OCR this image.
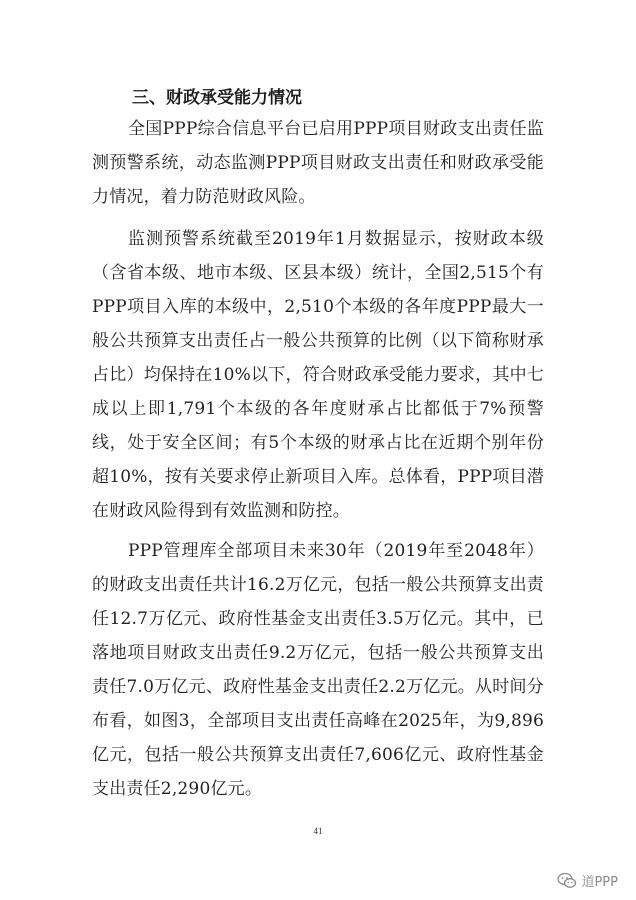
三、财政承受能力情况

全国PPP综合信息平台已启用PPP项目财政支出责任监测预警系统，动态监测PPP项目财政支出责任和财政承受能力情况，着力防范财政风险。

监测预警系统截至2019年1月数据显示，按财政本级（含省本级、地市本级、区县本级）统计，全国2,515个有PPP项目入库的本级中，2,510个本级的各年度PPP最大一般公共预算支出责任占一般公共预算的比例（以下简称财承占比）均保持在10%以下，符合财政承受能力要求，其中七成以上即1,791个本级的各年度财承占比都低于7%预警线，处于安全区间；有5个本级的财承占比在近期个别年份超10%，按有关要求停止新项目入库。总体看，PPP项目潜在财政风险得到有效监测和防控。

PPP管理库全部项目未来30年（2019年至2048年）的财政支出责任共计16.2万亿元，包括一般公共预算支出责任12.7万亿元、政府性基金支出责任3.5万亿元。其中，已落地项目财政支出责任9.2万亿元，包括一般公共预算支出责任7.0万亿元、政府性基金支出责任2.2万亿元。从时间分布看，如图3，全部项目支出责任高峰在2025年，为9,896亿元，包括一般公共预算支出责任7,606亿元、政府性基金支出责任2,290亿元。

41
道PPP
